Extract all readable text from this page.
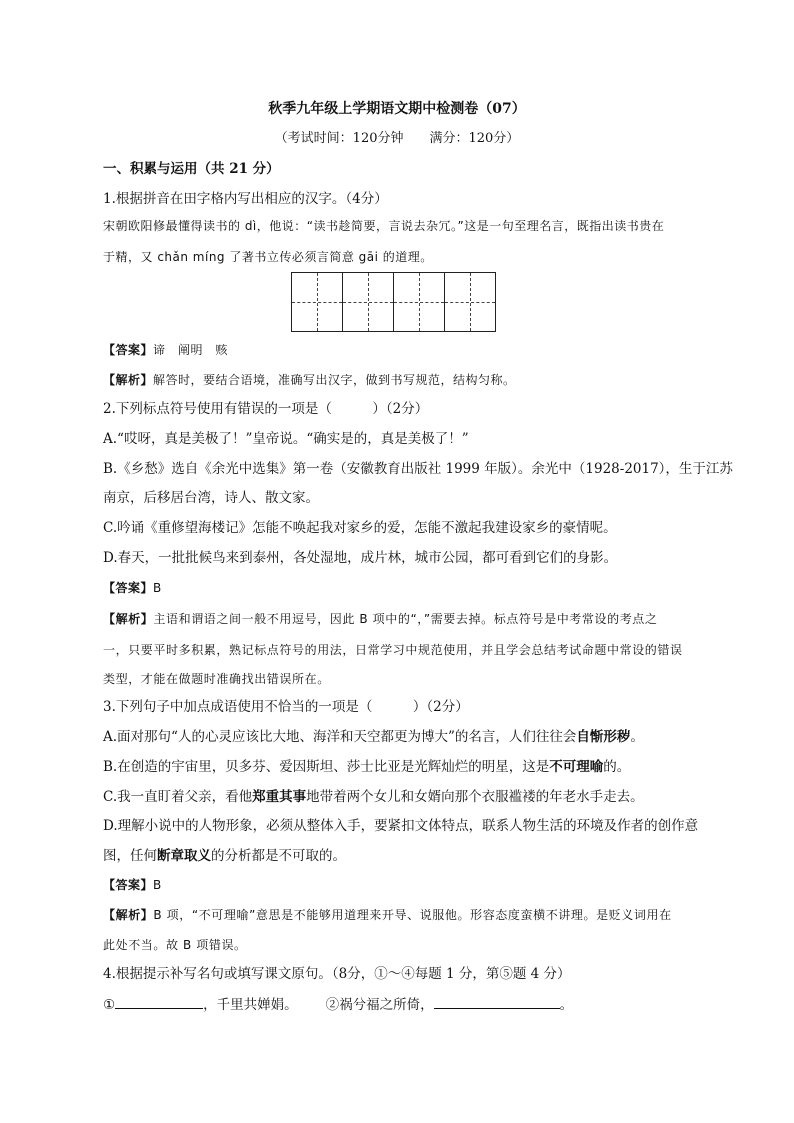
秋季九年级上学期语文期中检测卷（07）
（考试时间：120分钟　　满分：120分）
一、积累与运用（共 21 分）
1.根据拼音在田字格内写出相应的汉字。（4分）
宋朝欧阳修最懂得读书的 dì，他说：“读书趁简要，言说去杂冗。”这是一句至理名言，既指出读书贵在
于精，又 chǎn míng 了著书立传必须言简意 gāi 的道理。
【答案】谛　阐明　赅
【解析】解答时，要结合语境，准确写出汉字，做到书写规范，结构匀称。
2.下列标点符号使用有错误的一项是（　　　）（2分）
A.“哎呀，真是美极了！”皇帝说。“确实是的，真是美极了！”
B.《乡愁》选自《余光中选集》第一卷（安徽教育出版社 1999 年版）。余光中（1928-2017），生于江苏
南京，后移居台湾，诗人、散文家。
C.吟诵《重修望海楼记》怎能不唤起我对家乡的爱，怎能不激起我建设家乡的豪情呢。
D.春天，一批批候鸟来到泰州，各处湿地，成片林，城市公园，都可看到它们的身影。
【答案】B
【解析】主语和谓语之间一般不用逗号，因此 B 项中的“，”需要去掉。标点符号是中考常设的考点之
一，只要平时多积累，熟记标点符号的用法，日常学习中规范使用，并且学会总结考试命题中常设的错误
类型，才能在做题时准确找出错误所在。
3.下列句子中加点成语使用不恰当的一项是（　　　）（2分）
A.面对那句“人的心灵应该比大地、海洋和天空都更为博大”的名言，人们往往会自惭形秽。
B.在创造的宇宙里，贝多芬、爱因斯坦、莎士比亚是光辉灿烂的明星，这是不可理喻的。
C.我一直盯着父亲，看他郑重其事地带着两个女儿和女婿向那个衣服褴褛的年老水手走去。
D.理解小说中的人物形象，必须从整体入手，要紧扣文体特点，联系人物生活的环境及作者的创作意
图，任何断章取义的分析都是不可取的。
【答案】B
【解析】B 项，“不可理喻”意思是不能够用道理来开导、说服他。形容态度蛮横不讲理。是贬义词用在
此处不当。故 B 项错误。
4.根据提示补写名句或填写课文原句。（8分，①～④每题 1 分，第⑤题 4 分）
①	，千里共婵娟。 ②祸兮福之所倚，	。
